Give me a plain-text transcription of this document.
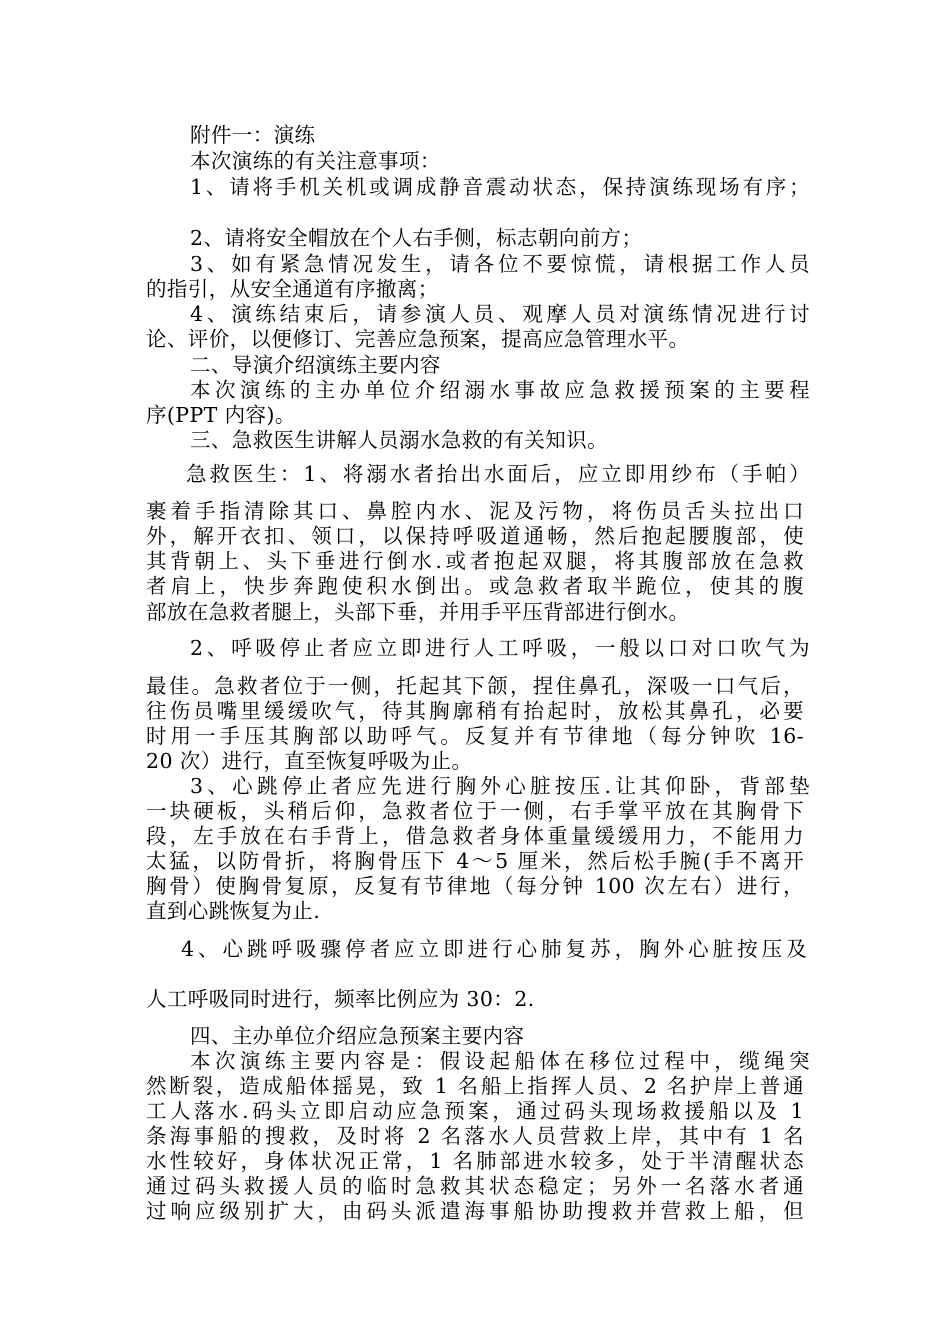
附件一：演练
本次演练的有关注意事项：
1、请将手机关机或调成静音震动状态，保持演练现场有序；
2、请将安全帽放在个人右手侧，标志朝向前方；
3、如有紧急情况发生，请各位不要惊慌，请根据工作人员
的指引，从安全通道有序撤离；
4、演练结束后，请参演人员、观摩人员对演练情况进行讨
论、评价，以便修订、完善应急预案，提高应急管理水平。
二、导演介绍演练主要内容
本次演练的主办单位介绍溺水事故应急救援预案的主要程
序(PPT 内容)。
三、急救医生讲解人员溺水急救的有关知识。
急救医生：1、将溺水者抬出水面后，应立即用纱布（手帕）
裹着手指清除其口、鼻腔内水、泥及污物，将伤员舌头拉出口
外，解开衣扣、领口，以保持呼吸道通畅，然后抱起腰腹部，使
其背朝上、头下垂进行倒水.或者抱起双腿，将其腹部放在急救
者肩上，快步奔跑使积水倒出。或急救者取半跪位，使其的腹
部放在急救者腿上，头部下垂，并用手平压背部进行倒水。
2、呼吸停止者应立即进行人工呼吸，一般以口对口吹气为
最佳。急救者位于一侧，托起其下颌，捏住鼻孔，深吸一口气后，
往伤员嘴里缓缓吹气，待其胸廓稍有抬起时，放松其鼻孔，必要
时用一手压其胸部以助呼气。反复并有节律地（每分钟吹 16-
20 次）进行，直至恢复呼吸为止。
3、心跳停止者应先进行胸外心脏按压.让其仰卧，背部垫
一块硬板，头稍后仰，急救者位于一侧，右手掌平放在其胸骨下
段，左手放在右手背上，借急救者身体重量缓缓用力，不能用力
太猛，以防骨折，将胸骨压下 4～5 厘米，然后松手腕(手不离开
胸骨）使胸骨复原，反复有节律地（每分钟 100 次左右）进行，
直到心跳恢复为止.
4、心跳呼吸骤停者应立即进行心肺复苏，胸外心脏按压及
人工呼吸同时进行，频率比例应为 30：2.
四、主办单位介绍应急预案主要内容
本次演练主要内容是：假设起船体在移位过程中，缆绳突
然断裂，造成船体摇晃，致 1 名船上指挥人员、2 名护岸上普通
工人落水.码头立即启动应急预案，通过码头现场救援船以及 1
条海事船的搜救，及时将 2 名落水人员营救上岸，其中有 1 名
水性较好，身体状况正常，1 名肺部进水较多，处于半清醒状态
通过码头救援人员的临时急救其状态稳定；另外一名落水者通
过响应级别扩大，由码头派遣海事船协助搜救并营救上船，但
